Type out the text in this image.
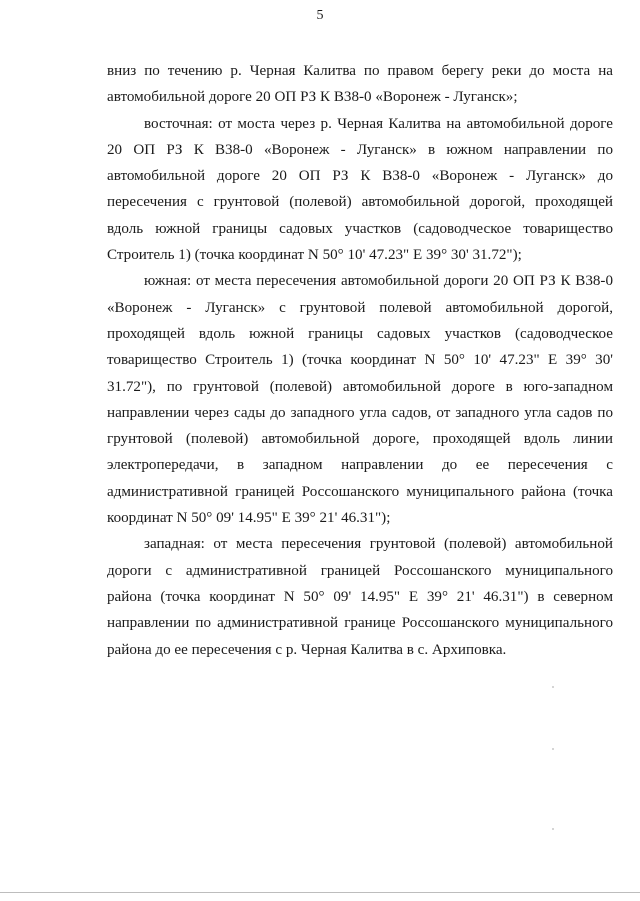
5
вниз по течению р. Черная Калитва по правом берегу реки до моста на
автомобильной дороге 20 ОП РЗ К В38-0 «Воронеж - Луганск»;
восточная: от моста через р. Черная Калитва на автомобильной дороге
20 ОП РЗ К В38-0 «Воронеж - Луганск» в южном направлении по
автомобильной дороге 20 ОП РЗ К В38-0 «Воронеж - Луганск» до
пересечения с грунтовой (полевой) автомобильной дорогой, проходящей
вдоль южной границы садовых участков (садоводческое товарищество
Строитель 1) (точка координат N 50° 10' 47.23" E 39° 30' 31.72");
южная: от места пересечения автомобильной дороги 20 ОП РЗ К В38-0
«Воронеж - Луганск» с грунтовой полевой автомобильной дорогой,
проходящей вдоль южной границы садовых участков (садоводческое
товарищество Строитель 1) (точка координат N 50° 10' 47.23" E 39° 30'
31.72"), по грунтовой (полевой) автомобильной дороге в юго-западном
направлении через сады до западного угла садов, от западного угла садов по
грунтовой (полевой) автомобильной дороге, проходящей вдоль линии
электропередачи, в западном направлении до ее пересечения с
административной границей Россошанского муниципального района (точка
координат N 50° 09' 14.95" E 39° 21' 46.31");
западная: от места пересечения грунтовой (полевой) автомобильной
дороги с административной границей Россошанского муниципального
района (точка координат N 50° 09' 14.95" E 39° 21' 46.31") в северном
направлении по административной границе Россошанского муниципального
района до ее пересечения с р. Черная Калитва в с. Архиповка.
